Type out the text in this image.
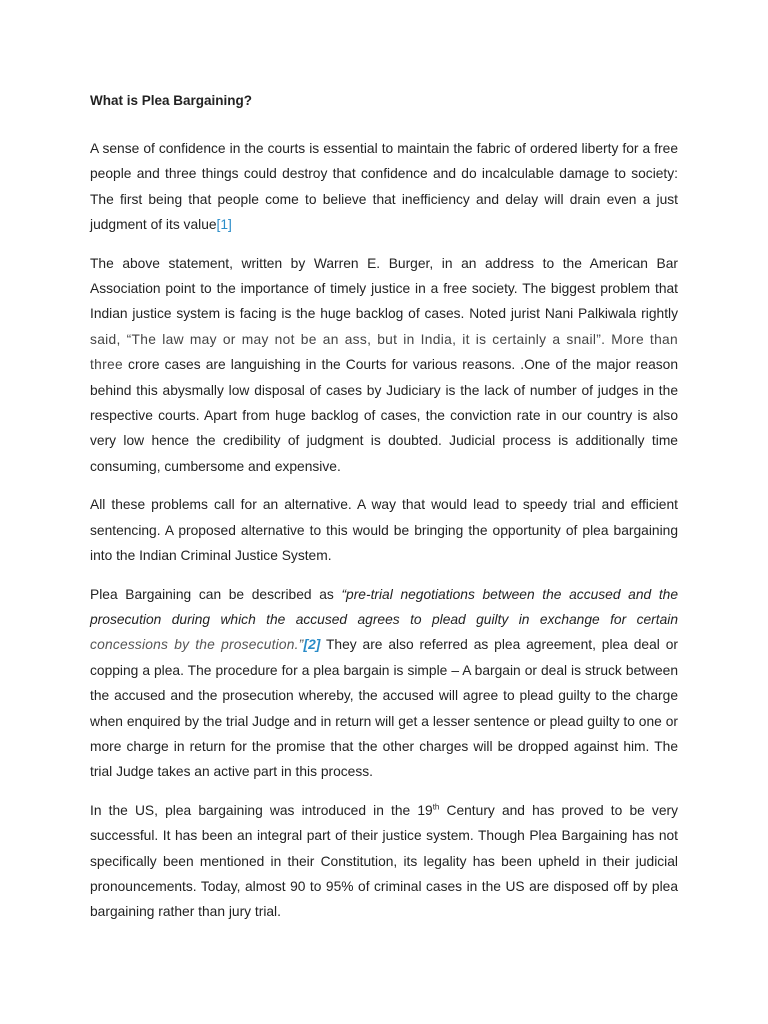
What is Plea Bargaining?

A sense of confidence in the courts is essential to maintain the fabric of ordered liberty for a free people and three things could destroy that confidence and do incalculable damage to society: The first being that people come to believe that inefficiency and delay will drain even a just judgment of its value[1]

The above statement, written by Warren E. Burger, in an address to the American Bar Association point to the importance of timely justice in a free society. The biggest problem that Indian justice system is facing is the huge backlog of cases. Noted jurist Nani Palkiwala rightly said, “The law may or may not be an ass, but in India, it is certainly a snail”. More than three crore cases are languishing in the Courts for various reasons. .One of the major reason behind this abysmally low disposal of cases by Judiciary is the lack of number of judges in the respective courts. Apart from huge backlog of cases, the conviction rate in our country is also very low hence the credibility of judgment is doubted. Judicial process is additionally time consuming, cumbersome and expensive.

All these problems call for an alternative. A way that would lead to speedy trial and efficient sentencing. A proposed alternative to this would be bringing the opportunity of plea bargaining into the Indian Criminal Justice System.

Plea Bargaining can be described as “pre-trial negotiations between the accused and the prosecution during which the accused agrees to plead guilty in exchange for certain concessions by the prosecution.”[2] They are also referred as plea agreement, plea deal or copping a plea. The procedure for a plea bargain is simple – A bargain or deal is struck between the accused and the prosecution whereby, the accused will agree to plead guilty to the charge when enquired by the trial Judge and in return will get a lesser sentence or plead guilty to one or more charge in return for the promise that the other charges will be dropped against him. The trial Judge takes an active part in this process.

In the US, plea bargaining was introduced in the 19th Century and has proved to be very successful. It has been an integral part of their justice system. Though Plea Bargaining has not specifically been mentioned in their Constitution, its legality has been upheld in their judicial pronouncements. Today, almost 90 to 95% of criminal cases in the US are disposed off by plea bargaining rather than jury trial.
